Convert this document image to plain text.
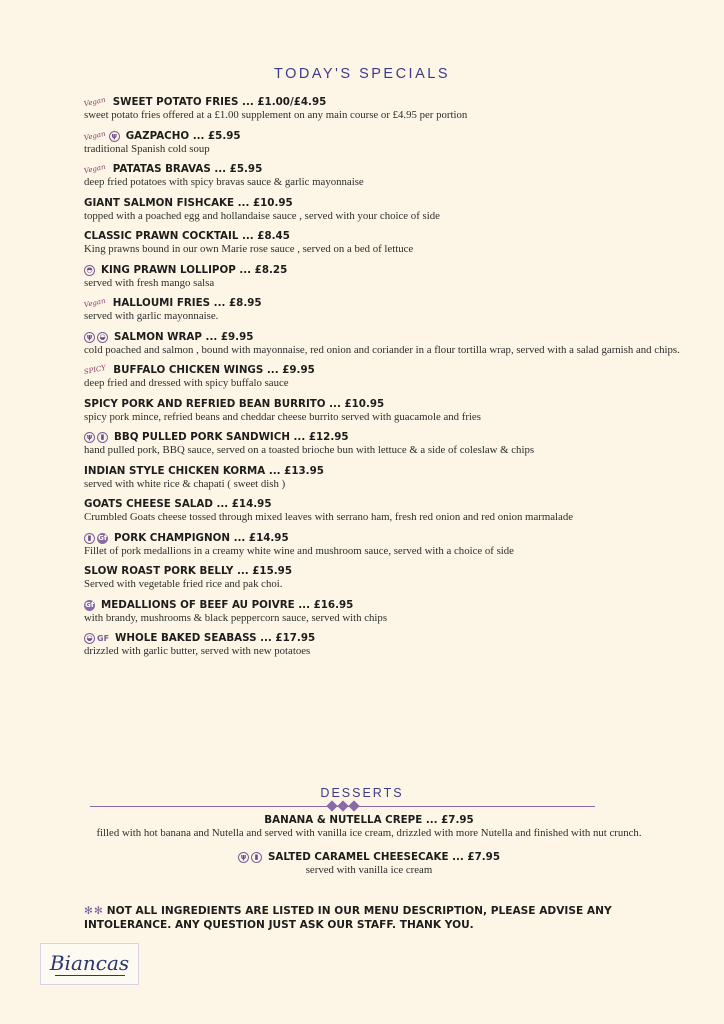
TODAY'S SPECIALS
Vegan SWEET POTATO FRIES ... £1.00/£4.95
sweet potato fries offered at a £1.00 supplement on any main course or £4.95 per portion
Vegan ψ GAZPACHO ... £5.95
traditional Spanish cold soup
Vegan PATATAS BRAVAS ... £5.95
deep fried potatoes with spicy bravas sauce & garlic mayonnaise
GIANT SALMON FISHCAKE ... £10.95
topped with a poached egg and hollandaise sauce , served with your choice of side
CLASSIC PRAWN COCKTAIL ... £8.45
King prawns bound in our own Marie rose sauce , served on a bed of lettuce
◓ KING PRAWN LOLLIPOP ... £8.25
served with fresh mango salsa
Vegan HALLOUMI FRIES ... £8.95
served with garlic mayonnaise.
ψ	◒ SALMON WRAP ... £9.95
cold poached and salmon , bound with mayonnaise, red onion and coriander in a flour tortilla wrap, served with a salad garnish and chips.
SPICY BUFFALO CHICKEN WINGS ... £9.95
deep fried and dressed with spicy buffalo sauce
SPICY PORK AND REFRIED BEAN BURRITO ... £10.95
spicy pork mince, refried beans and cheddar cheese burrito served with guacamole and fries
ψ	▮ BBQ PULLED PORK SANDWICH ... £12.95
hand pulled pork, BBQ sauce, served on a toasted brioche bun with lettuce & a side of coleslaw & chips
INDIAN STYLE CHICKEN KORMA ... £13.95
served with white rice & chapati ( sweet dish )
GOATS CHEESE SALAD ... £14.95
Crumbled Goats cheese tossed through mixed leaves with serrano ham, fresh red onion and red onion marmalade
▮ Gf PORK CHAMPIGNON ... £14.95
Fillet of pork medallions in a creamy white wine and mushroom sauce, served with a choice of side
SLOW ROAST PORK BELLY ... £15.95
Served with vegetable fried rice and pak choi.
Gf MEDALLIONS OF BEEF AU POIVRE ... £16.95
with brandy, mushrooms & black peppercorn sauce, served with chips
◒ GF WHOLE BAKED SEABASS ... £17.95
drizzled with garlic butter, served with new potatoes
DESSERTS
BANANA & NUTELLA CREPE ... £7.95
filled with hot banana and Nutella and served with vanilla ice cream, drizzled with more Nutella and finished with nut crunch.
ψ	▮ SALTED CARAMEL CHEESECAKE ... £7.95
served with vanilla ice cream
✻✻ NOT ALL INGREDIENTS ARE LISTED IN OUR MENU DESCRIPTION, PLEASE ADVISE ANY INTOLERANCE. ANY QUESTION JUST ASK OUR STAFF. THANK YOU.
Biancas
